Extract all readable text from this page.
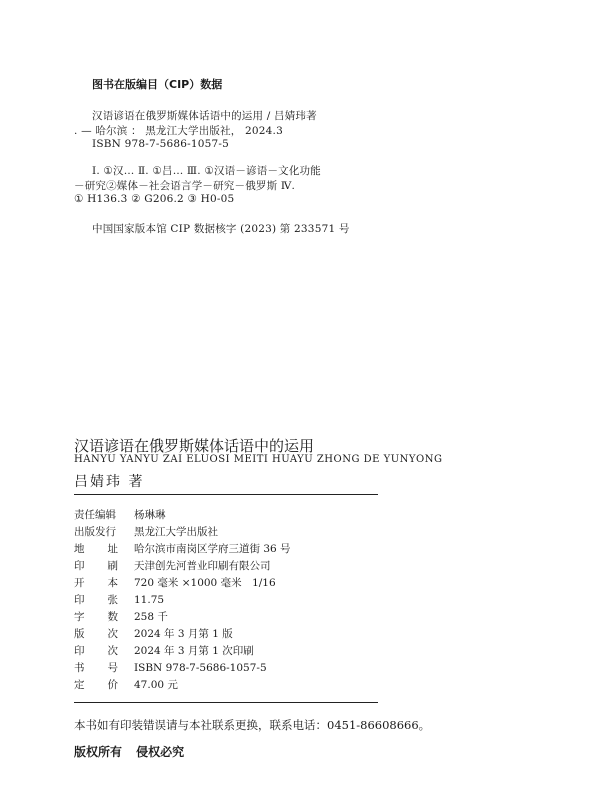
图书在版编目（CIP）数据
汉语谚语在俄罗斯媒体话语中的运用 / 吕婧玮著
. — 哈尔滨 ： 黑龙江大学出版社， 2024.3
ISBN 978-7-5686-1057-5
Ⅰ. ①汉… Ⅱ. ①吕… Ⅲ. ①汉语－谚语－文化功能
－研究②媒体－社会语言学－研究－俄罗斯 Ⅳ.
① H136.3 ② G206.2 ③ H0-05
中国国家版本馆 CIP 数据核字 (2023) 第 233571 号
汉语谚语在俄罗斯媒体话语中的运用
HANYU YANYU ZAI ELUOSI MEITI HUAYU ZHONG DE YUNYONG
吕婧玮 著
责任编辑 杨琳琳
出版发行 黑龙江大学出版社
地址 哈尔滨市南岗区学府三道街 36 号
印刷 天津创先河普业印刷有限公司
开本 720 毫米 ×1000 毫米　1/16
印张 11.75
字数 258 千
版次 2024 年 3 月第 1 版
印次 2024 年 3 月第 1 次印刷
书号 ISBN 978-7-5686-1057-5
定价 47.00 元
本书如有印装错误请与本社联系更换，联系电话：0451-86608666。
版权所有 侵权必究
